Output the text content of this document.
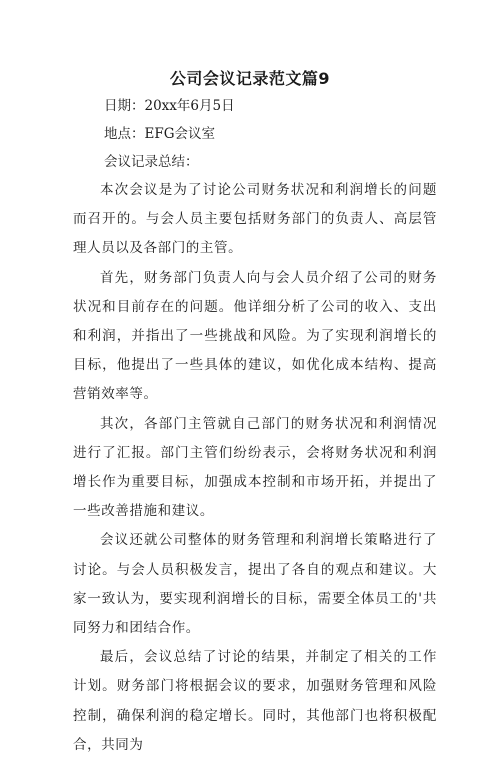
公司会议记录范文篇9
日期：20xx年6月5日
地点：EFG会议室
会议记录总结：

本次会议是为了讨论公司财务状况和利润增长的问题而召开的。与会人员主要包括财务部门的负责人、高层管理人员以及各部门的主管。

首先，财务部门负责人向与会人员介绍了公司的财务状况和目前存在的问题。他详细分析了公司的收入、支出和利润，并指出了一些挑战和风险。为了实现利润增长的目标，他提出了一些具体的建议，如优化成本结构、提高营销效率等。

其次，各部门主管就自己部门的财务状况和利润情况进行了汇报。部门主管们纷纷表示，会将财务状况和利润增长作为重要目标，加强成本控制和市场开拓，并提出了一些改善措施和建议。

会议还就公司整体的财务管理和利润增长策略进行了讨论。与会人员积极发言，提出了各自的观点和建议。大家一致认为，要实现利润增长的目标，需要全体员工的'共同努力和团结合作。

最后，会议总结了讨论的结果，并制定了相关的工作计划。财务部门将根据会议的要求，加强财务管理和风险控制，确保利润的稳定增长。同时，其他部门也将积极配合，共同为
